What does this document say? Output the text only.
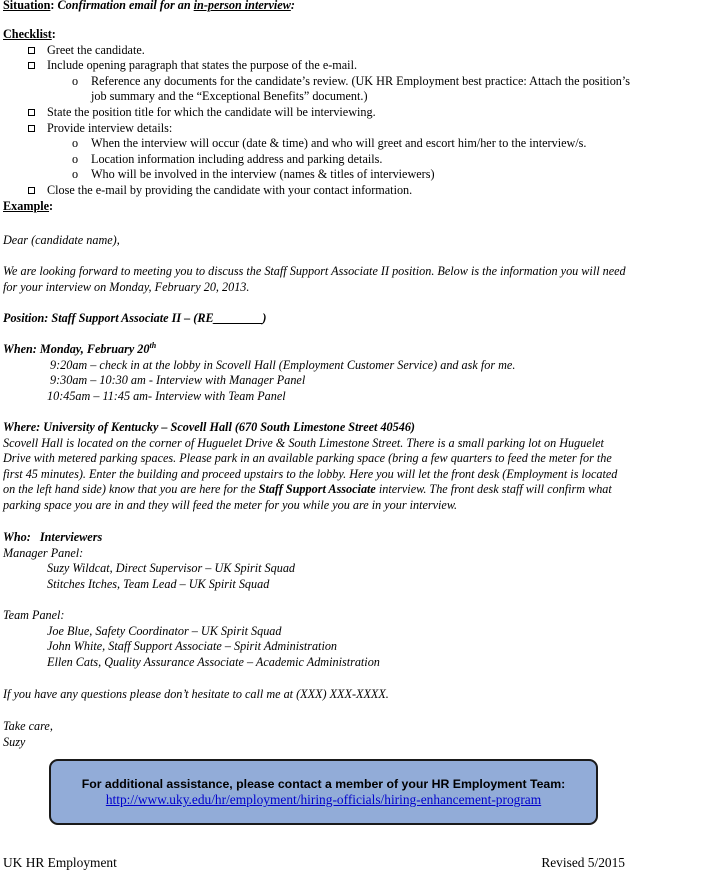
Situation: Confirmation email for an in-person interview:
Checklist:
Greet the candidate.
Include opening paragraph that states the purpose of the e-mail.
o Reference any documents for the candidate’s review. (UK HR Employment best practice: Attach the position’s
job summary and the “Exceptional Benefits” document.)
State the position title for which the candidate will be interviewing.
Provide interview details:
o When the interview will occur (date & time) and who will greet and escort him/her to the interview/s.
o Location information including address and parking details.
o Who will be involved in the interview (names & titles of interviewers)
Close the e-mail by providing the candidate with your contact information.
Example:
Dear (candidate name),
We are looking forward to meeting you to discuss the Staff Support Associate II position. Below is the information you will need
for your interview on Monday, February 20, 2013.
Position: Staff Support Associate II – (RE________)
When: Monday, February 20th
9:20am – check in at the lobby in Scovell Hall (Employment Customer Service) and ask for me.
9:30am – 10:30 am - Interview with Manager Panel
10:45am – 11:45 am- Interview with Team Panel
Where: University of Kentucky – Scovell Hall (670 South Limestone Street 40546)
Scovell Hall is located on the corner of Huguelet Drive & South Limestone Street. There is a small parking lot on Huguelet
Drive with metered parking spaces. Please park in an available parking space (bring a few quarters to feed the meter for the
first 45 minutes). Enter the building and proceed upstairs to the lobby. Here you will let the front desk (Employment is located
on the left hand side) know that you are here for the Staff Support Associate interview. The front desk staff will confirm what
parking space you are in and they will feed the meter for you while you are in your interview.
Who:   Interviewers
Manager Panel:
Suzy Wildcat, Direct Supervisor – UK Spirit Squad
Stitches Itches, Team Lead – UK Spirit Squad

Team Panel:
Joe Blue, Safety Coordinator – UK Spirit Squad
John White, Staff Support Associate – Spirit Administration
Ellen Cats, Quality Assurance Associate – Academic Administration
If you have any questions please don’t hesitate to call me at (XXX) XXX-XXXX.
Take care,
Suzy
For additional assistance, please contact a member of your HR Employment Team:
http://www.uky.edu/hr/employment/hiring-officials/hiring-enhancement-program
UK HR Employment	Revised 5/2015
